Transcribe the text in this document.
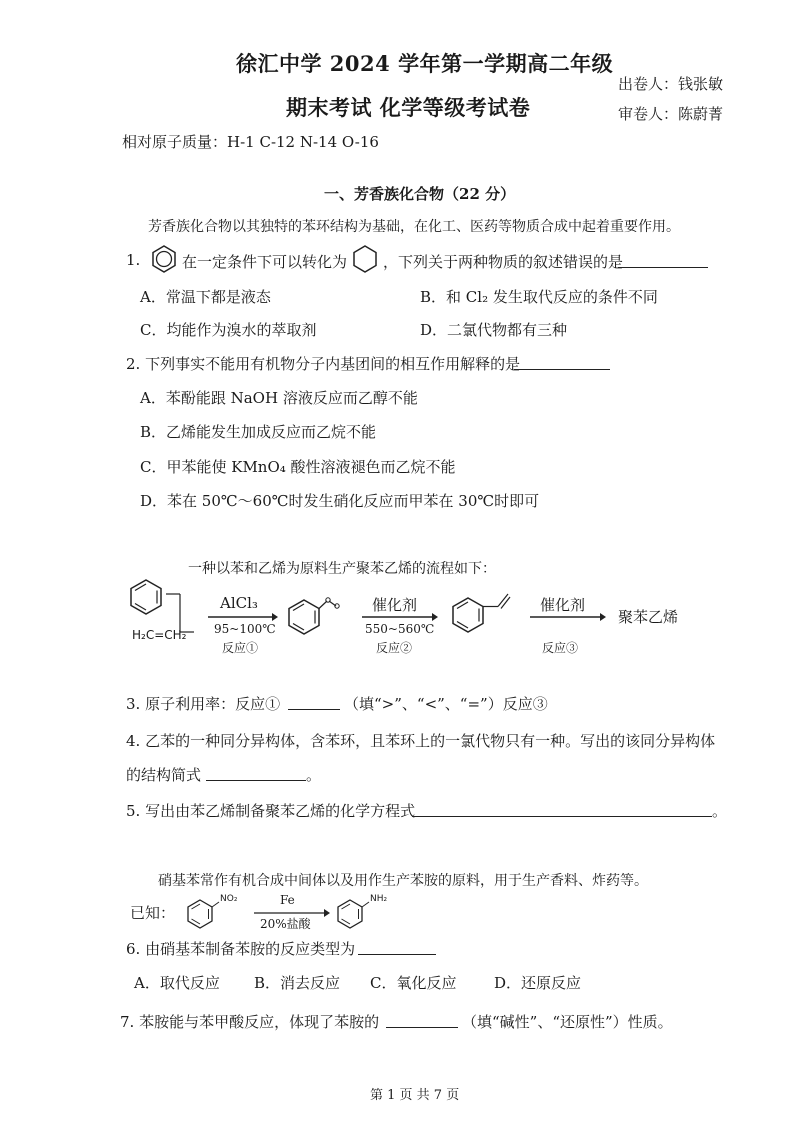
徐汇中学 2024 学年第一学期高二年级
期末考试 化学等级考试卷
出卷人：钱张敏
审卷人：陈蔚菁
相对原子质量：H-1 C-12 N-14 O-16
一、芳香族化合物（22 分）
芳香族化合物以其独特的苯环结构为基础，在化工、医药等物质合成中起着重要作用。
1.	在一定条件下可以转化为 ，下列关于两种物质的叙述错误的是
A．常温下都是液态	B．和 Cl₂ 发生取代反应的条件不同
C．均能作为溴水的萃取剂	D．二氯代物都有三种
2. 下列事实不能用有机物分子内基团间的相互作用解释的是
A．苯酚能跟 NaOH 溶液反应而乙醇不能
B．乙烯能发生加成反应而乙烷不能
C．甲苯能使 KMnO₄ 酸性溶液褪色而乙烷不能
D．苯在 50℃～60℃时发生硝化反应而甲苯在 30℃时即可
一种以苯和乙烯为原料生产聚苯乙烯的流程如下：
H₂C=CH₂
AlCl₃
95~100℃
反应①
催化剂
550~560℃
反应②
催化剂
反应③
聚苯乙烯
3. 原子利用率：反应①	（填“>”、“<”、“=”）反应③
4. 乙苯的一种同分异构体，含苯环，且苯环上的一氯代物只有一种。写出的该同分异构体
的结构简式	。
5. 写出由苯乙烯制备聚苯乙烯的化学方程式	。
硝基苯常作有机合成中间体以及用作生产苯胺的原料，用于生产香料、炸药等。
已知：
NO₂	Fe
20%盐酸
NH₂
6. 由硝基苯制备苯胺的反应类型为
A．取代反应 B．消去反应 C．氧化反应	D．还原反应
7. 苯胺能与苯甲酸反应，体现了苯胺的	（填“碱性”、“还原性”）性质。
第 1 页 共 7 页
